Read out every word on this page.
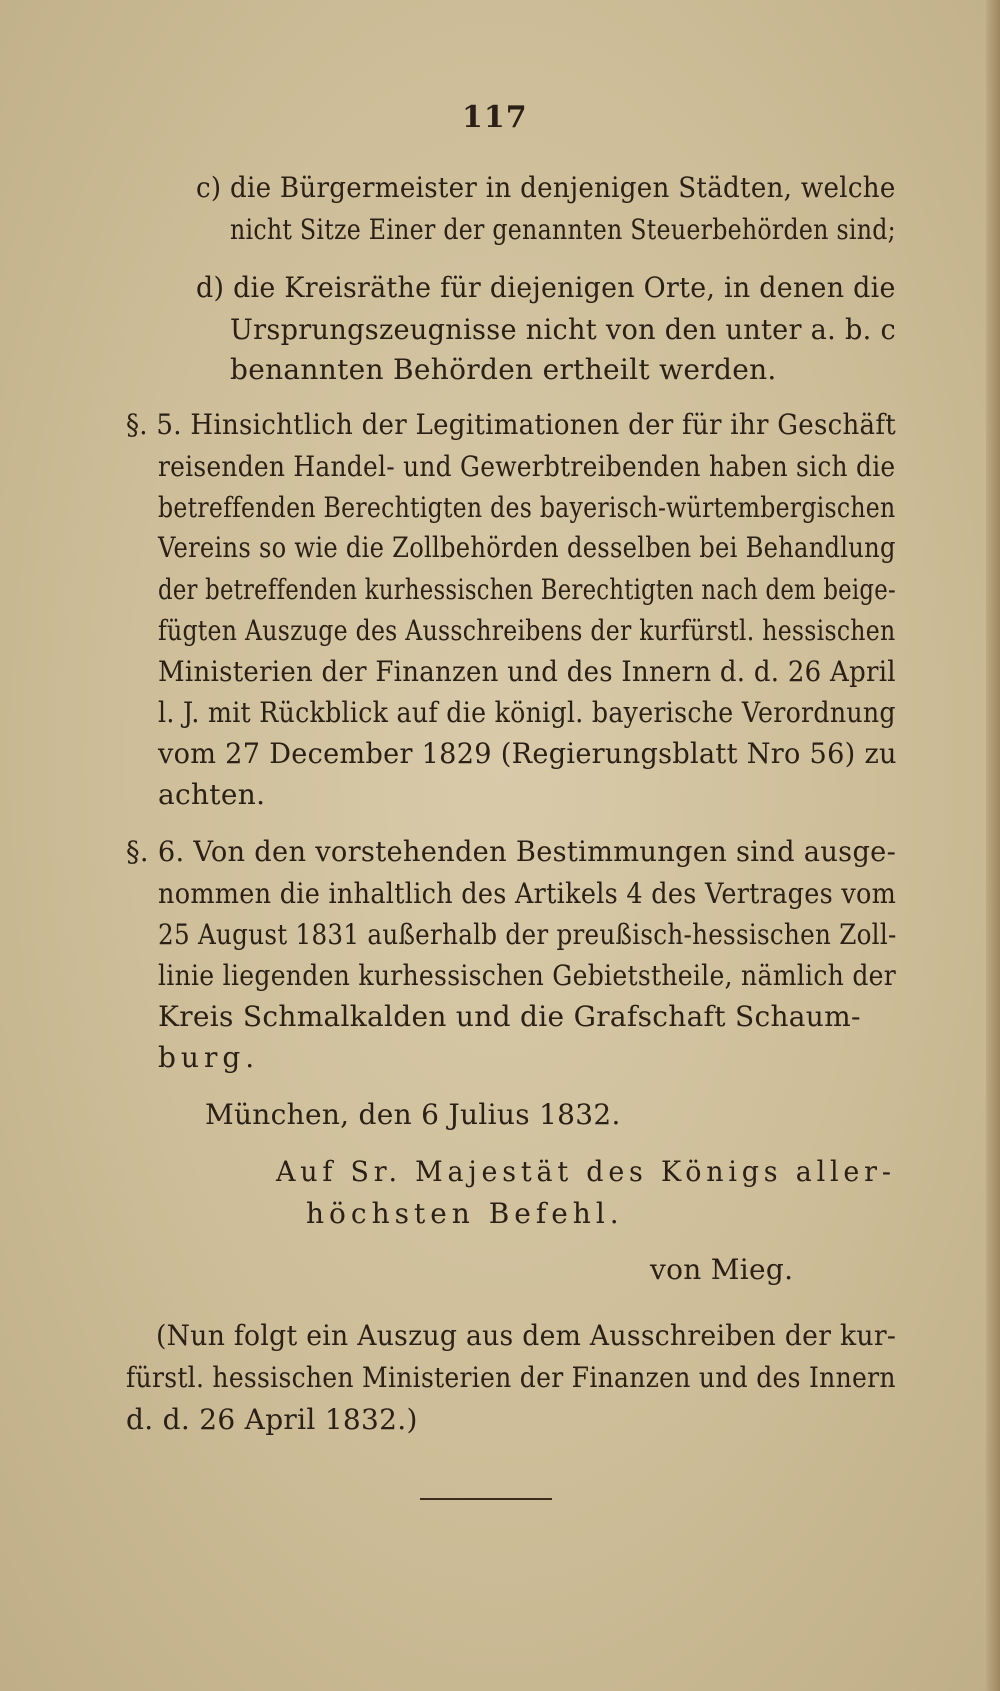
117
c) die Bürgermeister in denjenigen Städten, welche
nicht Sitze Einer der genannten Steuerbehörden sind;
d) die Kreisräthe für diejenigen Orte, in denen die
Ursprungszeugnisse nicht von den unter a. b. c
benannten Behörden ertheilt werden.
§. 5. Hinsichtlich der Legitimationen der für ihr Geschäft
reisenden Handel- und Gewerbtreibenden haben sich die
betreffenden Berechtigten des bayerisch-würtembergischen
Vereins so wie die Zollbehörden desselben bei Behandlung
der betreffenden kurhessischen Berechtigten nach dem beige-
fügten Auszuge des Ausschreibens der kurfürstl. hessischen
Ministerien der Finanzen und des Innern d. d. 26 April
l. J. mit Rückblick auf die königl. bayerische Verordnung
vom 27 December 1829 (Regierungsblatt Nro 56) zu
achten.
§. 6. Von den vorstehenden Bestimmungen sind ausge-
nommen die inhaltlich des Artikels 4 des Vertrages vom
25 August 1831 außerhalb der preußisch-hessischen Zoll-
linie liegenden kurhessischen Gebietstheile, nämlich der
Kreis Schmalkalden und die Grafschaft Schaum-
burg.
München, den 6 Julius 1832.
Auf Sr. Majestät des Königs aller-
höchsten Befehl.
von Mieg.
(Nun folgt ein Auszug aus dem Ausschreiben der kur-
fürstl. hessischen Ministerien der Finanzen und des Innern
d. d. 26 April 1832.)
